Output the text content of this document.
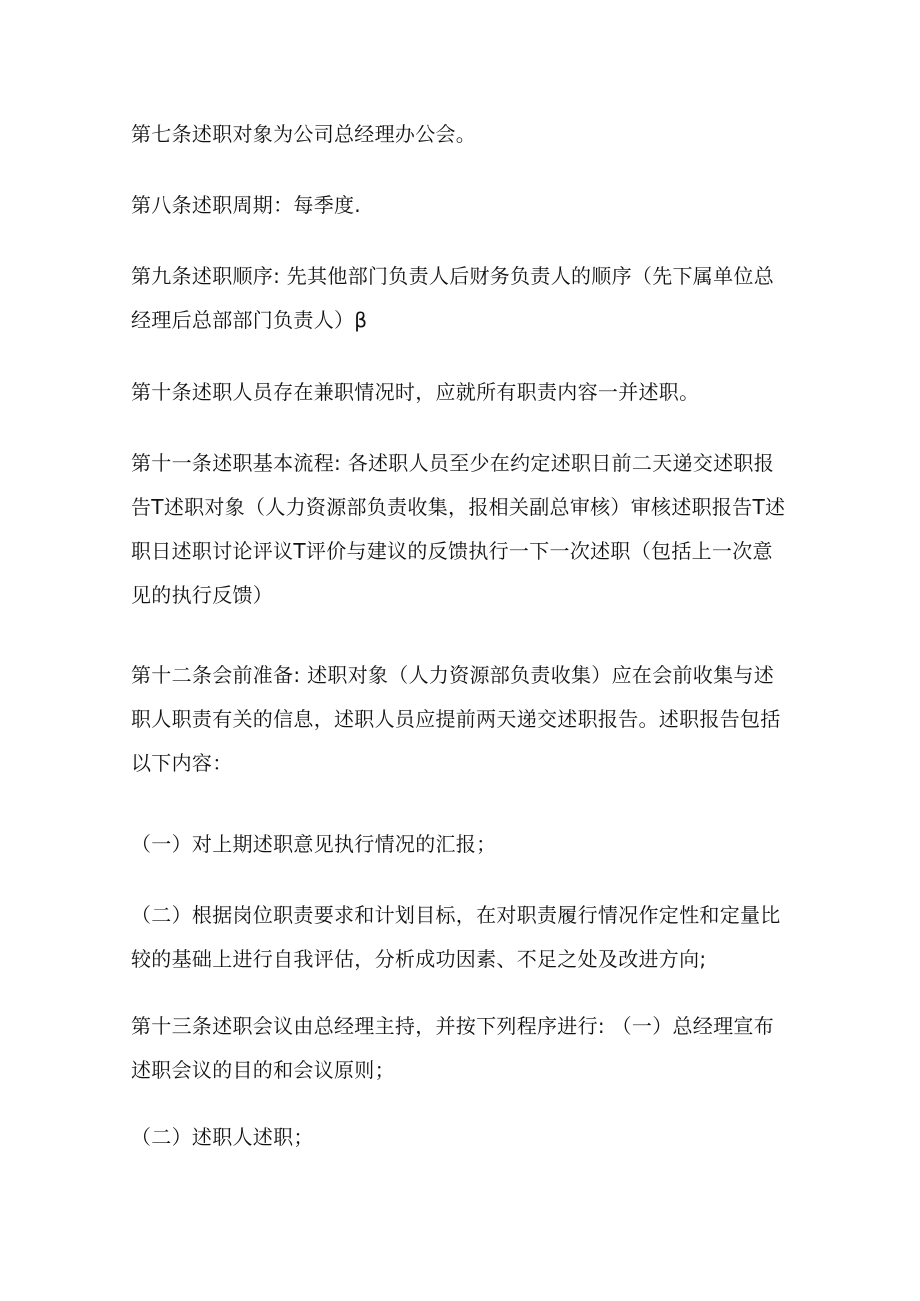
第七条述职对象为公司总经理办公会。

第八条述职周期：每季度.

第九条述职顺序: 先其他部门负责人后财务负责人的顺序（先下属单位总经理后总部部门负责人）β

第十条述职人员存在兼职情况时，应就所有职责内容一并述职。

第十一条述职基本流程: 各述职人员至少在约定述职日前二天递交述职报告T述职对象（人力资源部负责收集，报相关副总审核）审核述职报告T述职日述职讨论评议T评价与建议的反馈执行一下一次述职（包括上一次意见的执行反馈）

第十二条会前准备: 述职对象（人力资源部负责收集）应在会前收集与述职人职责有关的信息，述职人员应提前两天递交述职报告。述职报告包括以下内容：

（一）对上期述职意见执行情况的汇报；

（二）根据岗位职责要求和计划目标，在对职责履行情况作定性和定量比较的基础上进行自我评估，分析成功因素、不足之处及改进方向;

第十三条述职会议由总经理主持，并按下列程序进行: （一）总经理宣布述职会议的目的和会议原则；

（二）述职人述职；
